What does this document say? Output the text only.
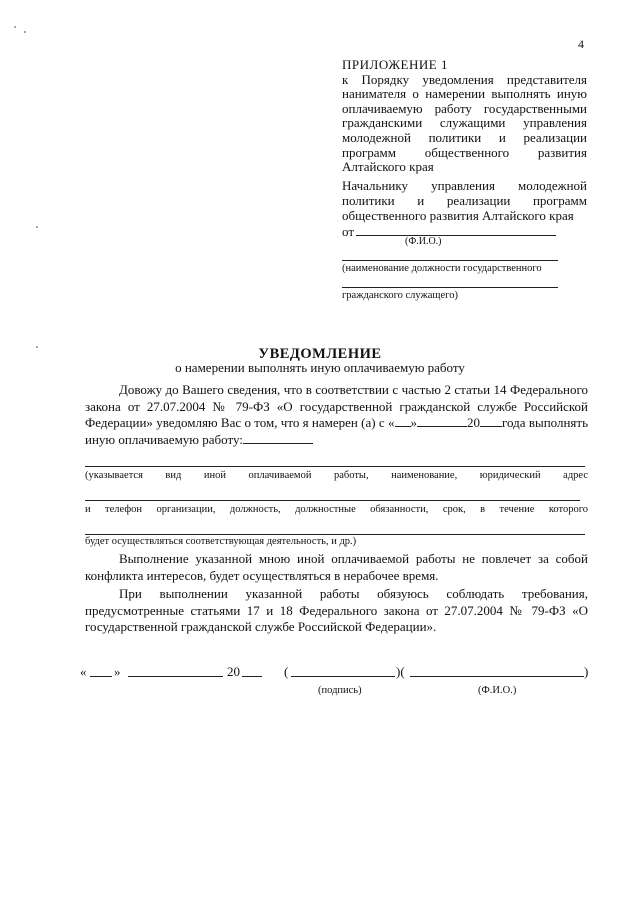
4
ПРИЛОЖЕНИЕ 1
к Порядку уведомления представителя нанимателя о намерении выполнять иную оплачиваемую работу государственными гражданскими служащими управления молодежной политики и реализации программ общественного развития Алтайского края
Начальнику управления молодежной политики и реализации программ общественного развития Алтайского края
от
(Ф.И.О.)
(наименование должности государственного
гражданского служащего)
УВЕДОМЛЕНИЕ
о намерении выполнять иную оплачиваемую работу
Довожу до Вашего сведения, что в соответствии с частью 2 статьи 14 Федерального закона от 27.07.2004 № 79-ФЗ «О государственной гражданской службе Российской Федерации» уведомляю Вас о том, что я намерен (а) с « »	20 года выполнять иную оплачиваемую работу:
(указывается вид иной оплачиваемой работы, наименование, юридический адрес
и телефон организации, должность, должностные обязанности, срок, в течение которого
будет осуществляться соответствующая деятельность, и др.)
Выполнение указанной мною иной оплачиваемой работы не повлечет за собой конфликта интересов, будет осуществляться в нерабочее время.
При выполнении указанной работы обязуюсь соблюдать требования, предусмотренные статьями 17 и 18 Федерального закона от 27.07.2004 № 79-ФЗ «О государственной гражданской службе Российской Федерации».
« »	20	(	)(	)
(подпись)	(Ф.И.О.)
